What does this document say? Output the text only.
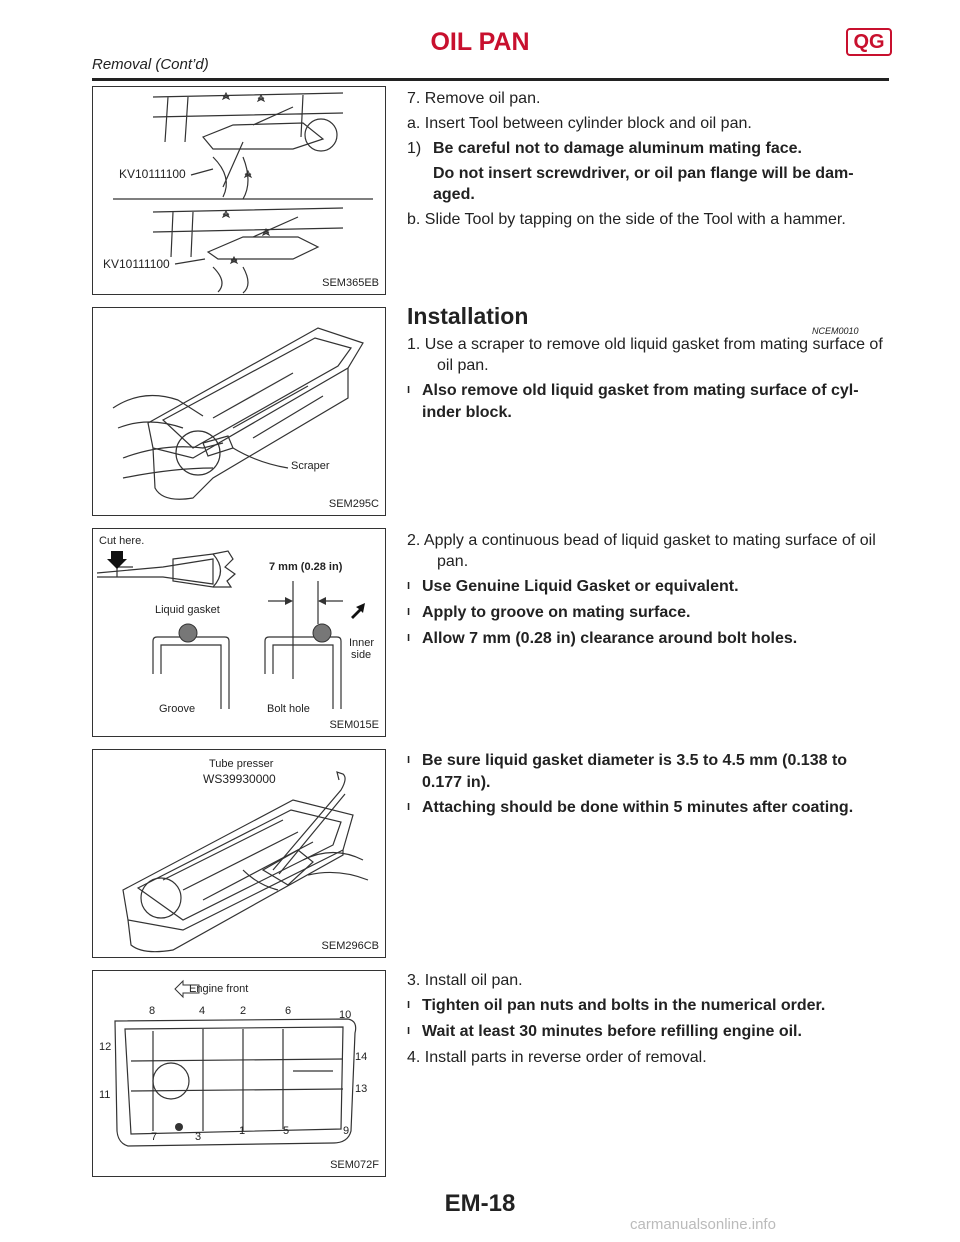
OIL PAN	QG
Removal (Cont’d)
KV10111100
KV10111100
SEM365EB
Scraper
SEM295C
Cut here.
7 mm (0.28 in)
Liquid gasket
Inner
side
Groove	Bolt hole
SEM015E
Tube presser
WS39930000
SEM296CB
Engine front
8	4	2	6	10
12
14
11	13
7	3	1	5	9
SEM072F

7. Remove oil pan.

a. Insert Tool between cylinder block and oil pan.

1) Be careful not to damage aluminum mating face.

Do not insert screwdriver, or oil pan flange will be dam-aged.

b. Slide Tool by tapping on the side of the Tool with a hammer.

Installation
NCEM0010

1. Use a scraper to remove old liquid gasket from mating surface of oil pan.

l Also remove old liquid gasket from mating surface of cyl-inder block.

2. Apply a continuous bead of liquid gasket to mating surface of oil pan.

l Use Genuine Liquid Gasket or equivalent.

l Apply to groove on mating surface.

l Allow 7 mm (0.28 in) clearance around bolt holes.

l Be sure liquid gasket diameter is 3.5 to 4.5 mm (0.138 to 0.177 in).

l Attaching should be done within 5 minutes after coating.

3. Install oil pan.

l Tighten oil pan nuts and bolts in the numerical order.

l Wait at least 30 minutes before refilling engine oil.

4. Install parts in reverse order of removal.

EM-18
carmanualsonline.info
